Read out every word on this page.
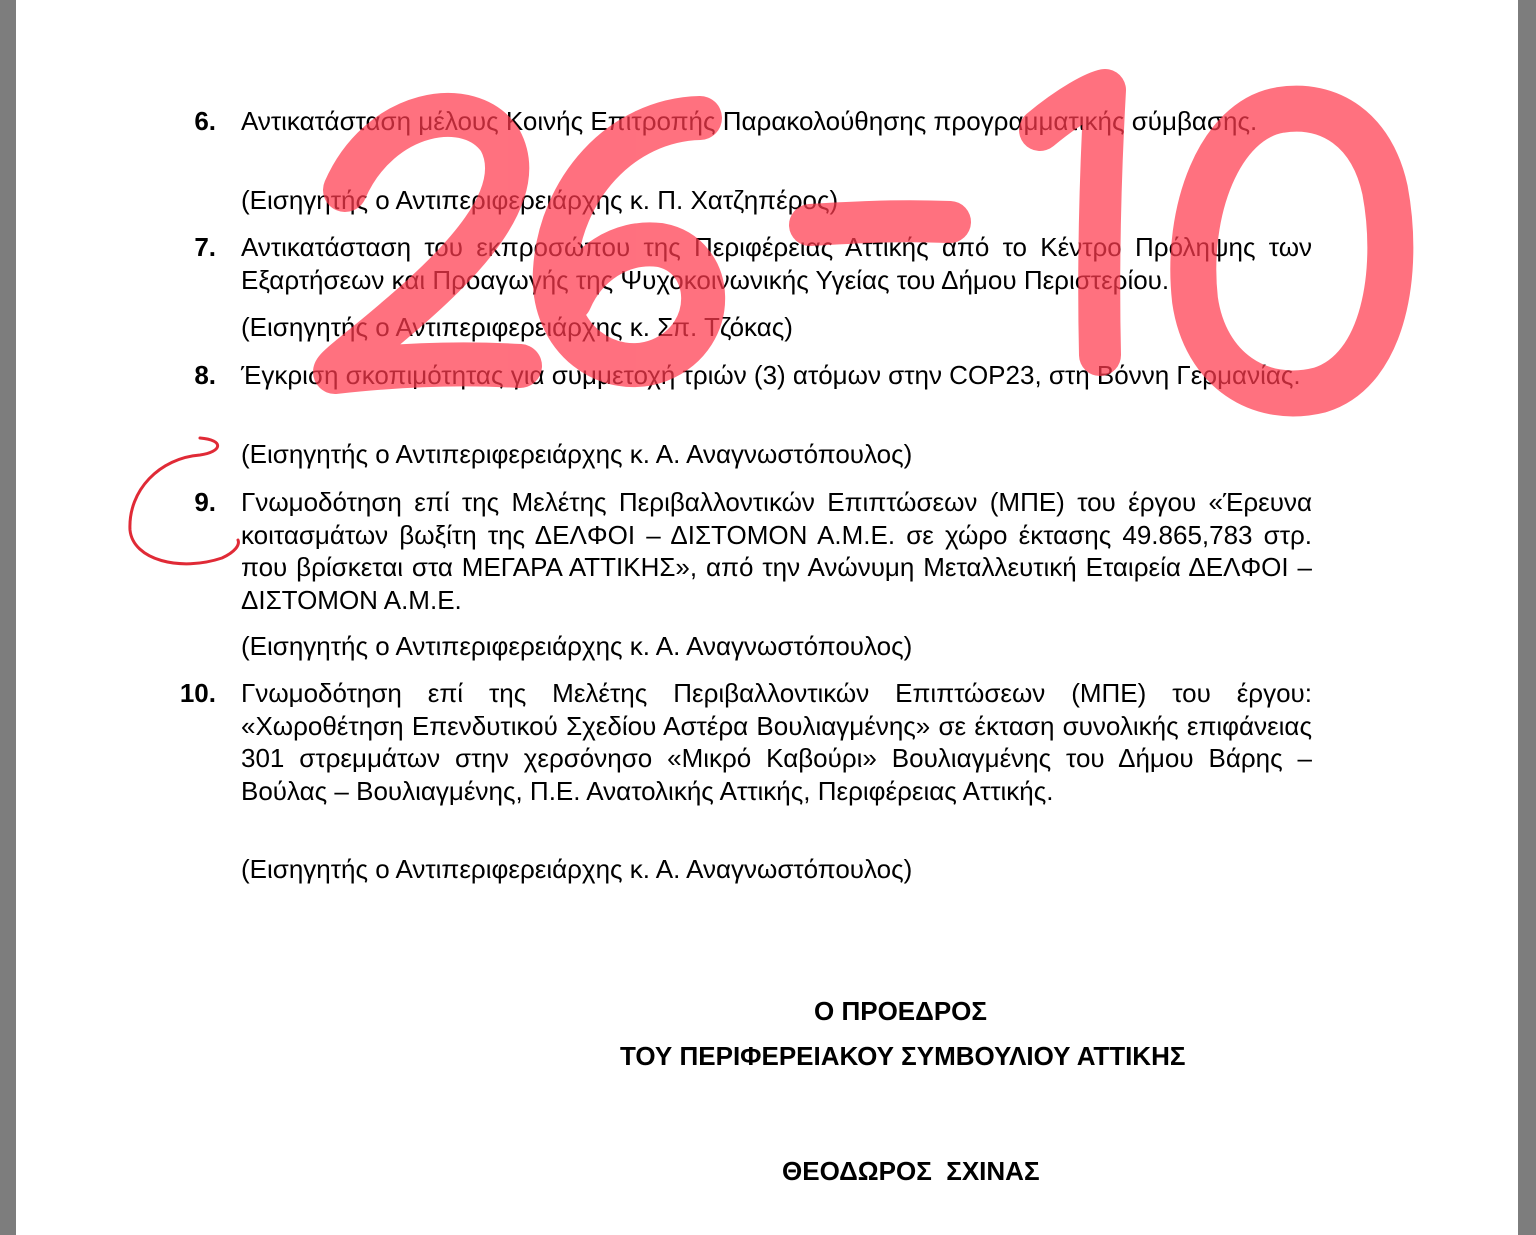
6. Αντικατάσταση μέλους Κοινής Επιτροπής Παρακολούθησης προγραμματικής σύμβασης.
(Εισηγητής ο Αντιπεριφερειάρχης κ. Π. Χατζηπέρος)
7. Αντικατάσταση του εκπροσώπου της Περιφέρειας Αττικής από το Κέντρο Πρόληψης των Εξαρτήσεων και Προαγωγής της Ψυχοκοινωνικής Υγείας του Δήμου Περιστερίου.
(Εισηγητής ο Αντιπεριφερειάρχης κ. Σπ. Τζόκας)
8. Έγκριση σκοπιμότητας για συμμετοχή τριών (3) ατόμων στην COP23, στη Βόννη Γερμανίας.
(Εισηγητής ο Αντιπεριφερειάρχης κ. Α. Αναγνωστόπουλος)
9. Γνωμοδότηση επί της Μελέτης Περιβαλλοντικών Επιπτώσεων (ΜΠΕ) του έργου «Έρευνα κοιτασμάτων βωξίτη της ΔΕΛΦΟΙ – ΔΙΣΤΟΜΟΝ Α.Μ.Ε. σε χώρο έκτασης 49.865,783 στρ. που βρίσκεται στα ΜΕΓΑΡΑ ΑΤΤΙΚΗΣ», από την Ανώνυμη Μεταλλευτική Εταιρεία ΔΕΛΦΟΙ – ΔΙΣΤΟΜΟΝ Α.Μ.Ε.
(Εισηγητής ο Αντιπεριφερειάρχης κ. Α. Αναγνωστόπουλος)
10. Γνωμοδότηση επί της Μελέτης Περιβαλλοντικών Επιπτώσεων (ΜΠΕ) του έργου: «Χωροθέτηση Επενδυτικού Σχεδίου Αστέρα Βουλιαγμένης» σε έκταση συνολικής επιφάνειας 301 στρεμμάτων στην χερσόνησο «Μικρό Καβούρι» Βουλιαγμένης του Δήμου Βάρης – Βούλας – Βουλιαγμένης, Π.Ε. Ανατολικής Αττικής, Περιφέρειας Αττικής.
(Εισηγητής ο Αντιπεριφερειάρχης κ. Α. Αναγνωστόπουλος)
Ο ΠΡΟΕΔΡΟΣ
ΤΟΥ ΠΕΡΙΦΕΡΕΙΑΚΟΥ ΣΥΜΒΟΥΛΙΟΥ ΑΤΤΙΚΗΣ
ΘΕΟΔΩΡΟΣ  ΣΧΙΝΑΣ
